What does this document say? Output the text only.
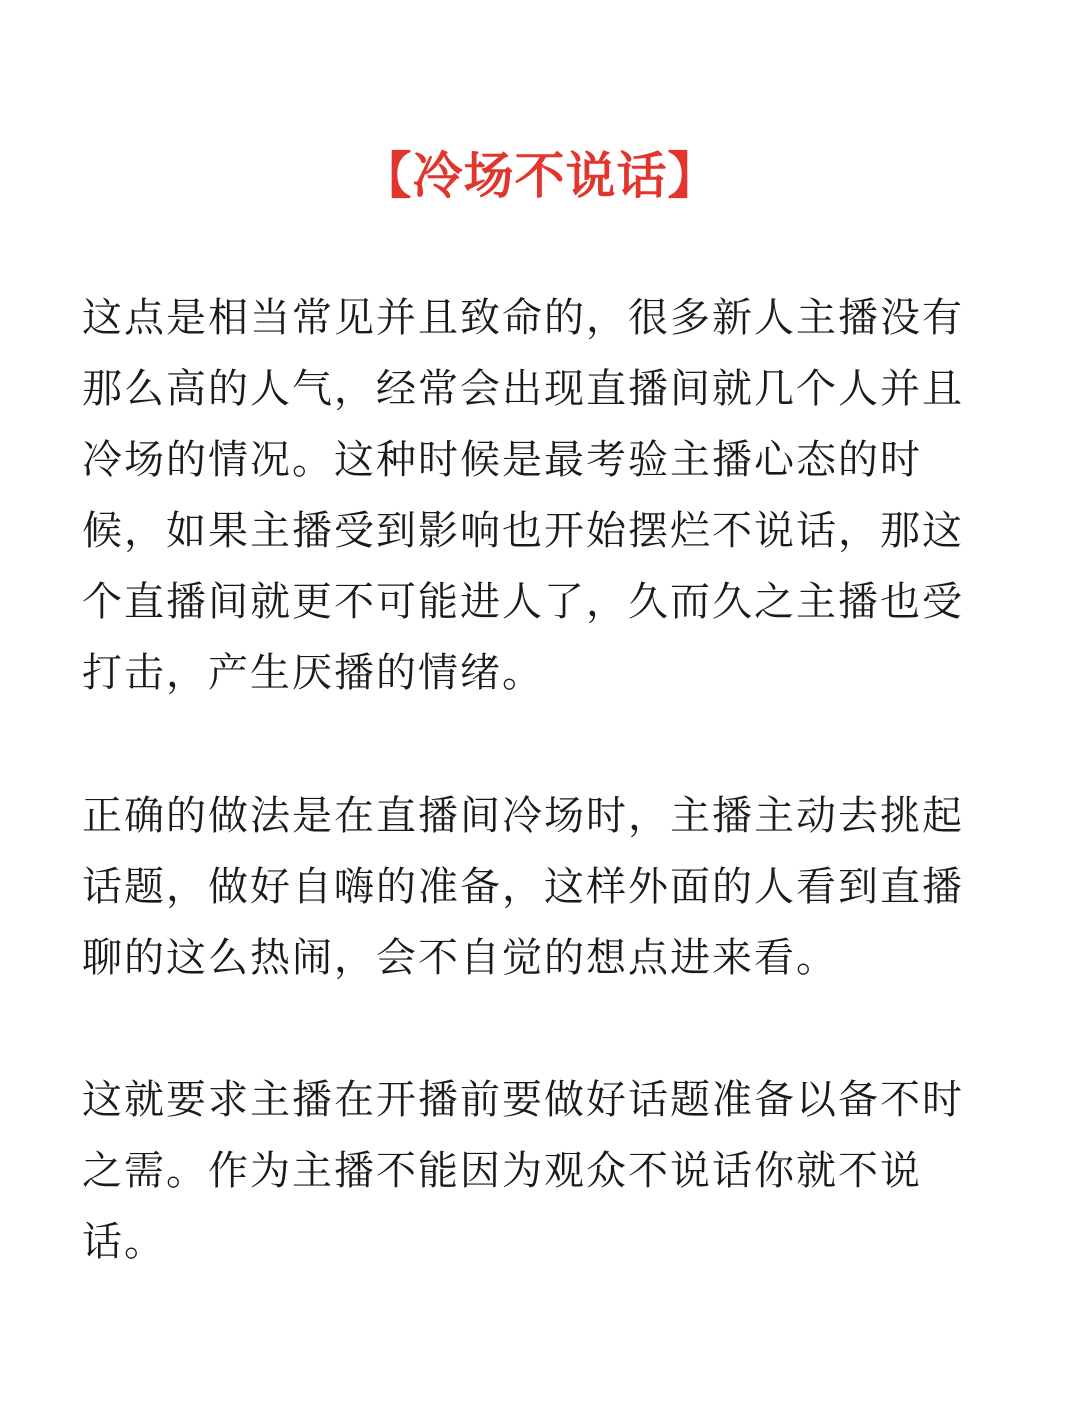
【冷场不说话】
这点是相当常见并且致命的，很多新人主播没有
那么高的人气，经常会出现直播间就几个人并且
冷场的情况。这种时候是最考验主播心态的时
候，如果主播受到影响也开始摆烂不说话，那这
个直播间就更不可能进人了，久而久之主播也受
打击，产生厌播的情绪。
正确的做法是在直播间冷场时，主播主动去挑起
话题，做好自嗨的准备，这样外面的人看到直播
聊的这么热闹，会不自觉的想点进来看。
这就要求主播在开播前要做好话题准备以备不时
之需。作为主播不能因为观众不说话你就不说
话。
